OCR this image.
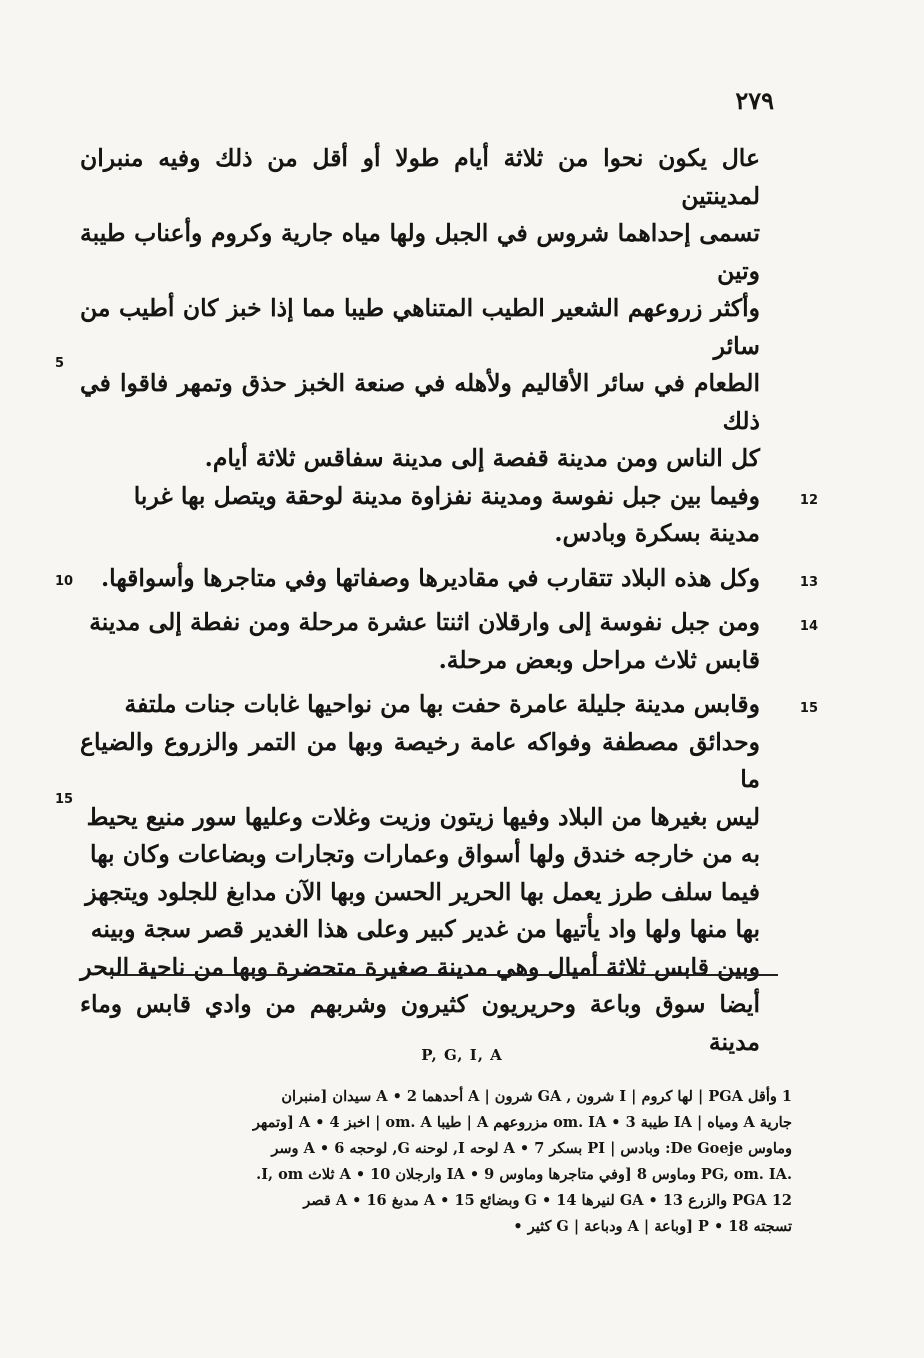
٢٧٩
5
10
15

عال يكون نحوا من ثلاثة أيام طولا أو أقل من ذلك وفيه منبران لمدينتين

تسمى إحداهما شروس في الجبل ولها مياه جارية وكروم وأعناب طيبة وتين

وأكثر زروعهم الشعير الطيب المتناهي طيبا مما إذا خبز كان أطيب من سائر

الطعام في سائر الأقاليم ولأهله في صنعة الخبز حذق وتمهر فاقوا في ذلك

كل الناس ومن مدينة قفصة إلى مدينة سفاقس ثلاثة أيام.

12

وفيما بين جبل نفوسة ومدينة نفزاوة مدينة لوحقة ويتصل بها غربا

مدينة بسكرة وبادس.

13

وكل هذه البلاد تتقارب في مقاديرها وصفاتها وفي متاجرها وأسواقها.

14

ومن جبل نفوسة إلى وارقلان اثنتا عشرة مرحلة ومن نفطة إلى مدينة

قابس ثلاث مراحل وبعض مرحلة.

15

وقابس مدينة جليلة عامرة حفت بها من نواحيها غابات جنات ملتفة

وحدائق مصطفة وفواكه عامة رخيصة وبها من التمر والزروع والضياع ما

ليس بغيرها من البلاد وفيها زيتون وزيت وغلات وعليها سور منيع يحيط

به من خارجه خندق ولها أسواق وعمارات وتجارات وبضاعات وكان بها

فيما سلف طرز يعمل بها الحرير الحسن وبها الآن مدابغ للجلود ويتجهز

بها منها ولها واد يأتيها من غدير كبير وعلى هذا الغدير قصر سجة وبينه

وبين قابس ثلاثة أميال وهي مدينة صغيرة متحضرة وبها من ناحية البحر

أيضا سوق وباعة وحريريون كثيرون وشربهم من وادي قابس وماء مدينة

P, G, I, A

1 وأقل PGA | لها كروم | I شرون , GA شرون | A أحدهما 2 • A سيدان [منبران

جارية A ومياه | IA طيبة om. IA • 3 مزروعهم A | طيبا om. A | اخبز A • 4 [وتمهر

وماوس De Goeje: وبادس | PI بسكر 7 • A لوحه I, لوحنه G, لوحجه 6 • A وسر

.PG, om. IA وماوس 8 [وفي متاجرها وماوس IA • 9 وارجلان A • 10 ثلاث I, om.

PGA 12 والزرع GA • 13 لنيرها G • 14 وبضائع A • 15 مدبغ A • 16 قصر

تسجته P • 18 [وباعة | A ودباعة | G كثير •
